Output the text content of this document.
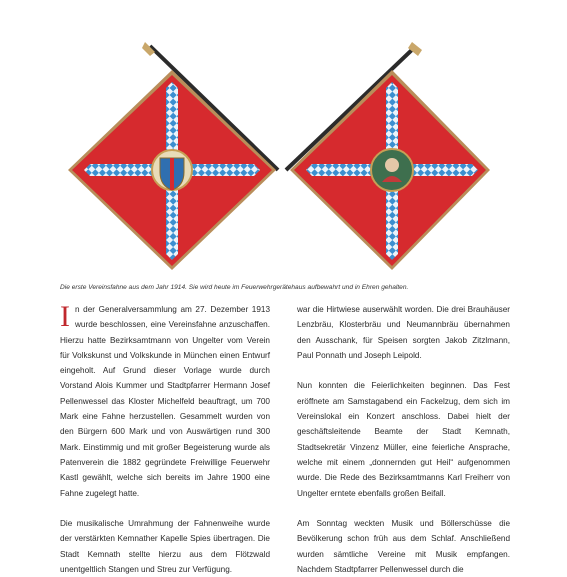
Die erste Vereinsfahne aus dem Jahr 1914. Sie wird heute im Feuerwehrgerätehaus aufbewahrt und in Ehren gehalten.

In der Generalversammlung am 27. Dezember 1913 wurde beschlossen, eine Vereinsfahne anzuschaffen. Hierzu hatte Bezirksamtmann von Ungelter vom Verein für Volkskunst und Volkskunde in München einen Entwurf eingeholt. Auf Grund dieser Vorlage wurde durch Vorstand Alois Kummer und Stadtpfarrer Hermann Josef Pellenwessel das Kloster Michelfeld beauftragt, um 700 Mark eine Fahne herzustellen. Gesammelt wurden von den Bürgern 600 Mark und von Auswärtigen rund 300 Mark. Einstimmig und mit großer Begeisterung wurde als Patenverein die 1882 gegründete Freiwillige Feuerwehr Kastl gewählt, welche sich bereits im Jahre 1900 eine Fahne zugelegt hatte.

Die musikalische Umrahmung der Fahnenweihe wurde der verstärkten Kemnather Kapelle Spies übertragen. Die Stadt Kemnath stellte hierzu aus dem Flötzwald unentgeltlich Stangen und Streu zur Verfügung.

war die Hirtwiese auserwählt worden. Die drei Brauhäuser Lenzbräu, Klosterbräu und Neumannbräu übernahmen den Ausschank, für Speisen sorgten Jakob Zitzlmann, Paul Ponnath und Joseph Leipold.

Nun konnten die Feierlichkeiten beginnen. Das Fest eröffnete am Samstagabend ein Fackelzug, dem sich im Vereinslokal ein Konzert anschloss. Dabei hielt der geschäftsleitende Beamte der Stadt Kemnath, Stadtsekretär Vinzenz Müller, eine feierliche Ansprache, welche mit einem „donnernden gut Heil“ aufgenommen wurde. Die Rede des Bezirksamtmanns Karl Freiherr von Ungelter erntete ebenfalls großen Beifall.

Am Sonntag weckten Musik und Böllerschüsse die Bevölkerung schon früh aus dem Schlaf. Anschließend wurden sämtliche Vereine mit Musik empfangen. Nachdem Stadtpfarrer Pellenwessel durch die
